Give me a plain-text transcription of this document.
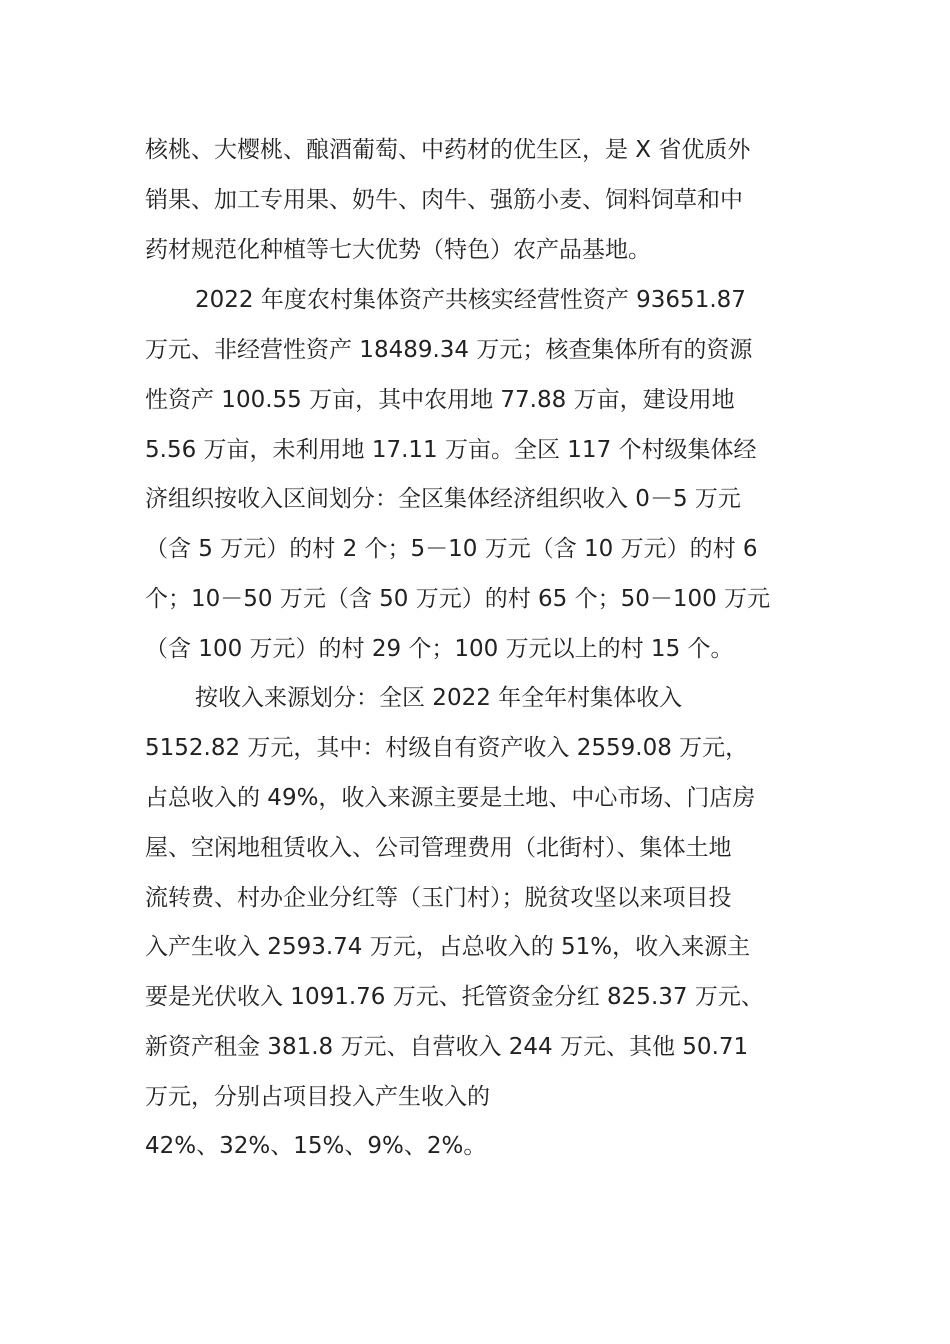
核桃、大樱桃、酿酒葡萄、中药材的优生区，是 X 省优质外

销果、加工专用果、奶牛、肉牛、强筋小麦、饲料饲草和中

药材规范化种植等七大优势（特色）农产品基地。

2022 年度农村集体资产共核实经营性资产 93651.87

万元、非经营性资产 18489.34 万元；核查集体所有的资源

性资产 100.55 万亩，其中农用地 77.88 万亩，建设用地

5.56 万亩，未利用地 17.11 万亩。全区 117 个村级集体经

济组织按收入区间划分：全区集体经济组织收入 0－5 万元

（含 5 万元）的村 2 个；5－10 万元（含 10 万元）的村 6

个；10－50 万元（含 50 万元）的村 65 个；50－100 万元

（含 100 万元）的村 29 个；100 万元以上的村 15 个。

按收入来源划分：全区 2022 年全年村集体收入

5152.82 万元，其中：村级自有资产收入 2559.08 万元，

占总收入的 49%，收入来源主要是土地、中心市场、门店房

屋、空闲地租赁收入、公司管理费用（北街村）、集体土地

流转费、村办企业分红等（玉门村）；脱贫攻坚以来项目投

入产生收入 2593.74 万元，占总收入的 51%，收入来源主

要是光伏收入 1091.76 万元、托管资金分红 825.37 万元、

新资产租金 381.8 万元、自营收入 244 万元、其他 50.71

万元，分别占项目投入产生收入的

42%、32%、15%、9%、2%。
